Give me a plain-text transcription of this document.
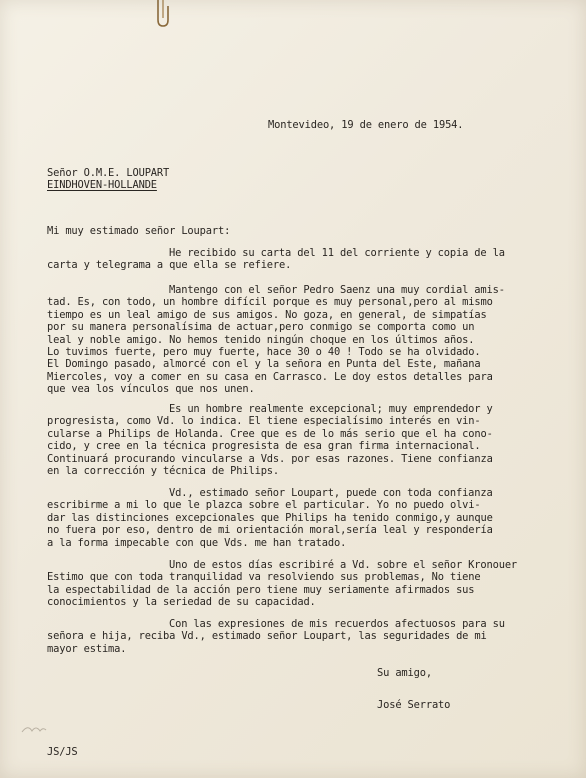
Montevideo, 19 de enero de 1954.
Señor O.M.E. LOUPART
EINDHOVEN-HOLLANDE
Mi muy estimado señor Loupart:

He recibido su carta del 11 del corriente y copia de la
carta y telegrama a que ella se refiere.

Mantengo con el señor Pedro Saenz una muy cordial amis-
tad. Es, con todo, un hombre difícil porque es muy personal,pero al mismo
tiempo es un leal amigo de sus amigos. No goza, en general, de simpatías
por su manera personalísima de actuar,pero conmigo se comporta como un
leal y noble amigo. No hemos tenido ningún choque en los últimos años.
Lo tuvimos fuerte, pero muy fuerte, hace 30 o 40 ! Todo se ha olvidado.
El Domingo pasado, almorcé con el y la señora en Punta del Este, mañana
Miercoles, voy a comer en su casa en Carrasco. Le doy estos detalles para
que vea los vínculos que nos unen.

Es un hombre realmente excepcional; muy emprendedor y
progresista, como Vd. lo indica. El tiene especialísimo interés en vin-
cularse a Philips de Holanda. Cree que es de lo más serio que el ha cono-
cido, y cree en la técnica progresista de esa gran firma internacional.
Continuará procurando vincularse a Vds. por esas razones. Tiene confianza
en la corrección y técnica de Philips.

Vd., estimado señor Loupart, puede con toda confianza
escribirme a mi lo que le plazca sobre el particular. Yo no puedo olvi-
dar las distinciones excepcionales que Philips ha tenido conmigo,y aunque
no fuera por eso, dentro de mi orientación moral,sería leal y respondería
a la forma impecable con que Vds. me han tratado.

Uno de estos días escribiré a Vd. sobre el señor Kronouer
Estimo que con toda tranquilidad va resolviendo sus problemas, No tiene
la espectabilidad de la acción pero tiene muy seriamente afirmados sus
conocimientos y la seriedad de su capacidad.

Con las expresiones de mis recuerdos afectuosos para su
señora e hija, reciba Vd., estimado señor Loupart, las seguridades de mi
mayor estima.

Su amigo,
José Serrato
JS/JS
